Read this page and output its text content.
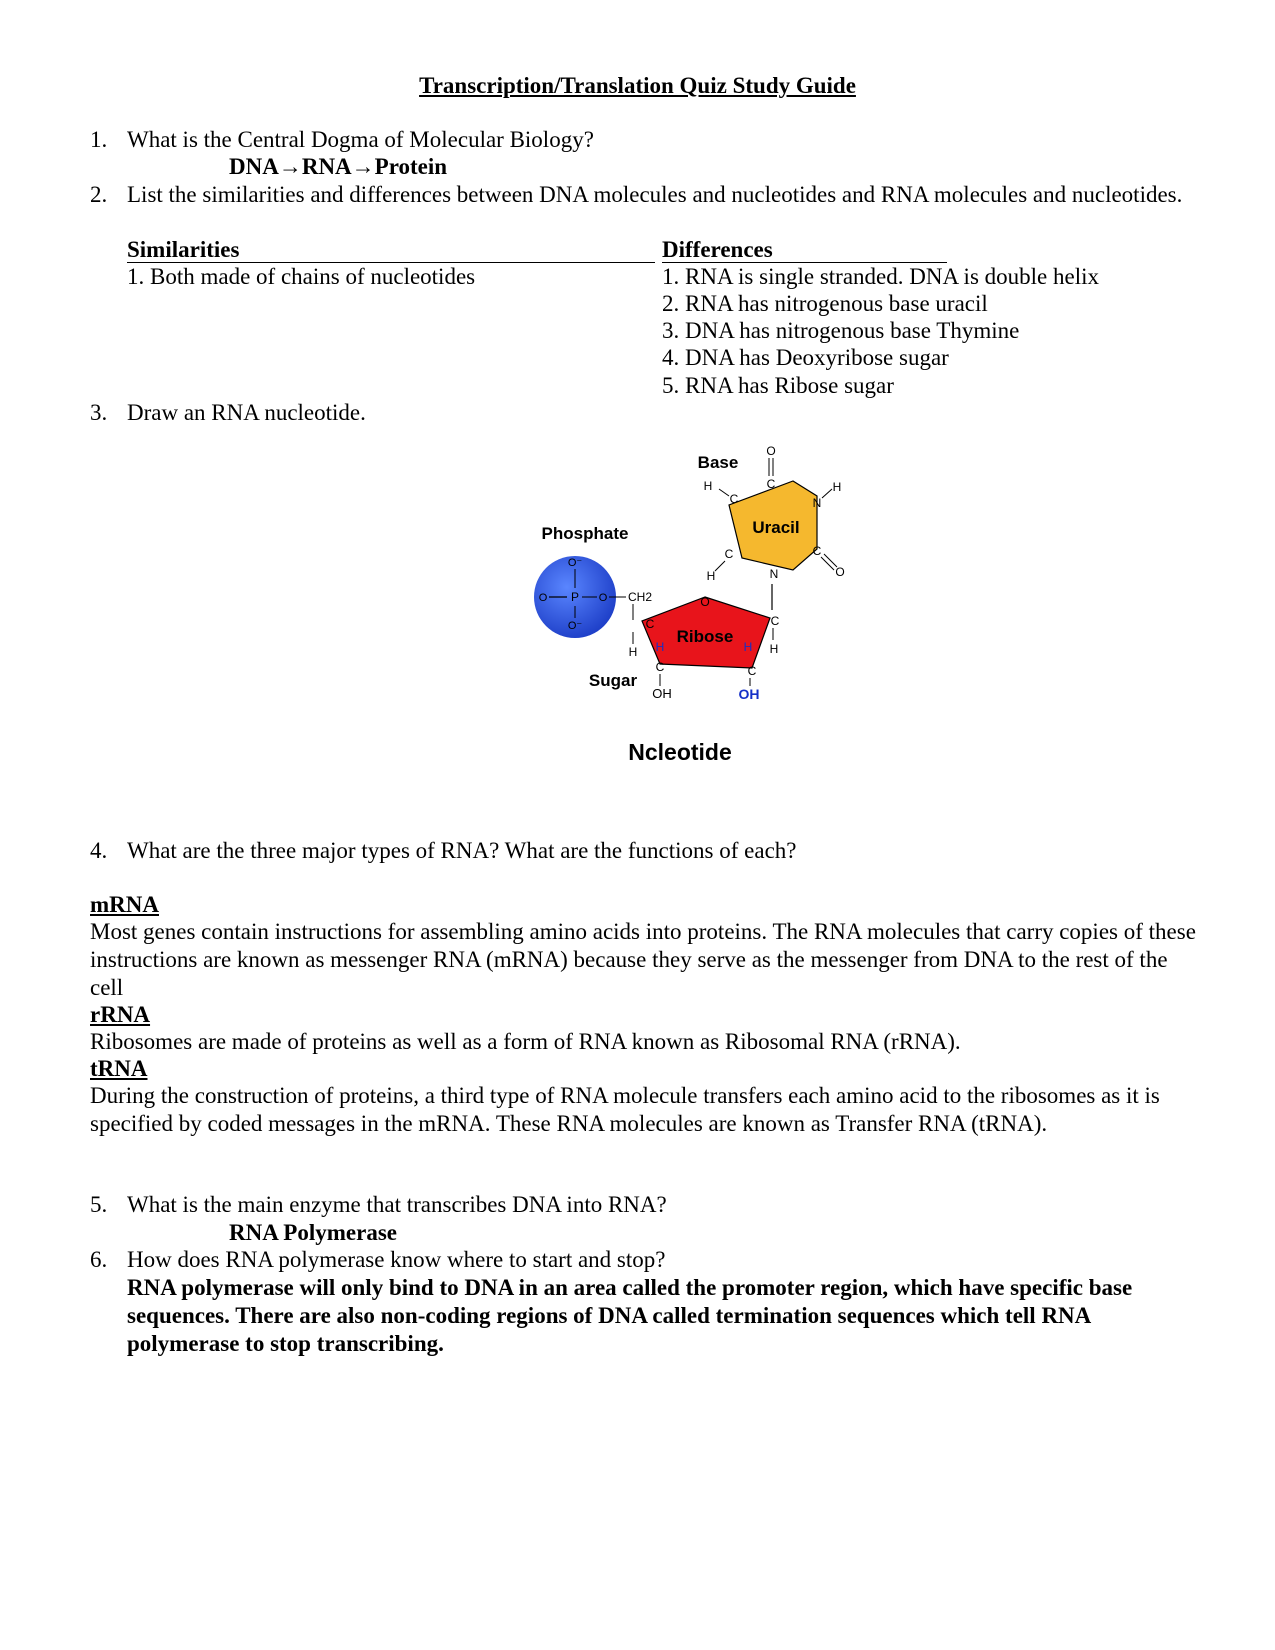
Transcription/Translation Quiz Study Guide
1. What is the Central Dogma of Molecular Biology?
DNA→RNA→Protein
2. List the similarities and differences between DNA molecules and nucleotides and RNA molecules and nucleotides.
Similarities	Differences
1. Both made of chains of nucleotides	1. RNA is single stranded. DNA is double helix
2. RNA has nitrogenous base uracil
3. DNA has nitrogenous base Thymine
4. DNA has Deoxyribose sugar
5. RNA has Ribose sugar
3. Draw an RNA nucleotide.
Uracil
Ribose
Base
Phosphate
Sugar
Ncleotide
O
C
N
H
C
O
N
C
H
C
H
C
H
H
O
C
H H
C
OH
C
OH
CH2
O⁻
O P O
O⁻
4. What are the three major types of RNA? What are the functions of each?
mRNA
Most genes contain instructions for assembling amino acids into proteins. The RNA molecules that carry copies of these instructions are known as messenger RNA (mRNA) because they serve as the messenger from DNA to the rest of the cell
rRNA
Ribosomes are made of proteins as well as a form of RNA known as Ribosomal RNA (rRNA).
tRNA
During the construction of proteins, a third type of RNA molecule transfers each amino acid to the ribosomes as it is specified by coded messages in the mRNA. These RNA molecules are known as Transfer RNA (tRNA).
5. What is the main enzyme that transcribes DNA into RNA?
RNA Polymerase
6. How does RNA polymerase know where to start and stop?
RNA polymerase will only bind to DNA in an area called the promoter region, which have specific base sequences. There are also non-coding regions of DNA called termination sequences which tell RNA polymerase to stop transcribing.
